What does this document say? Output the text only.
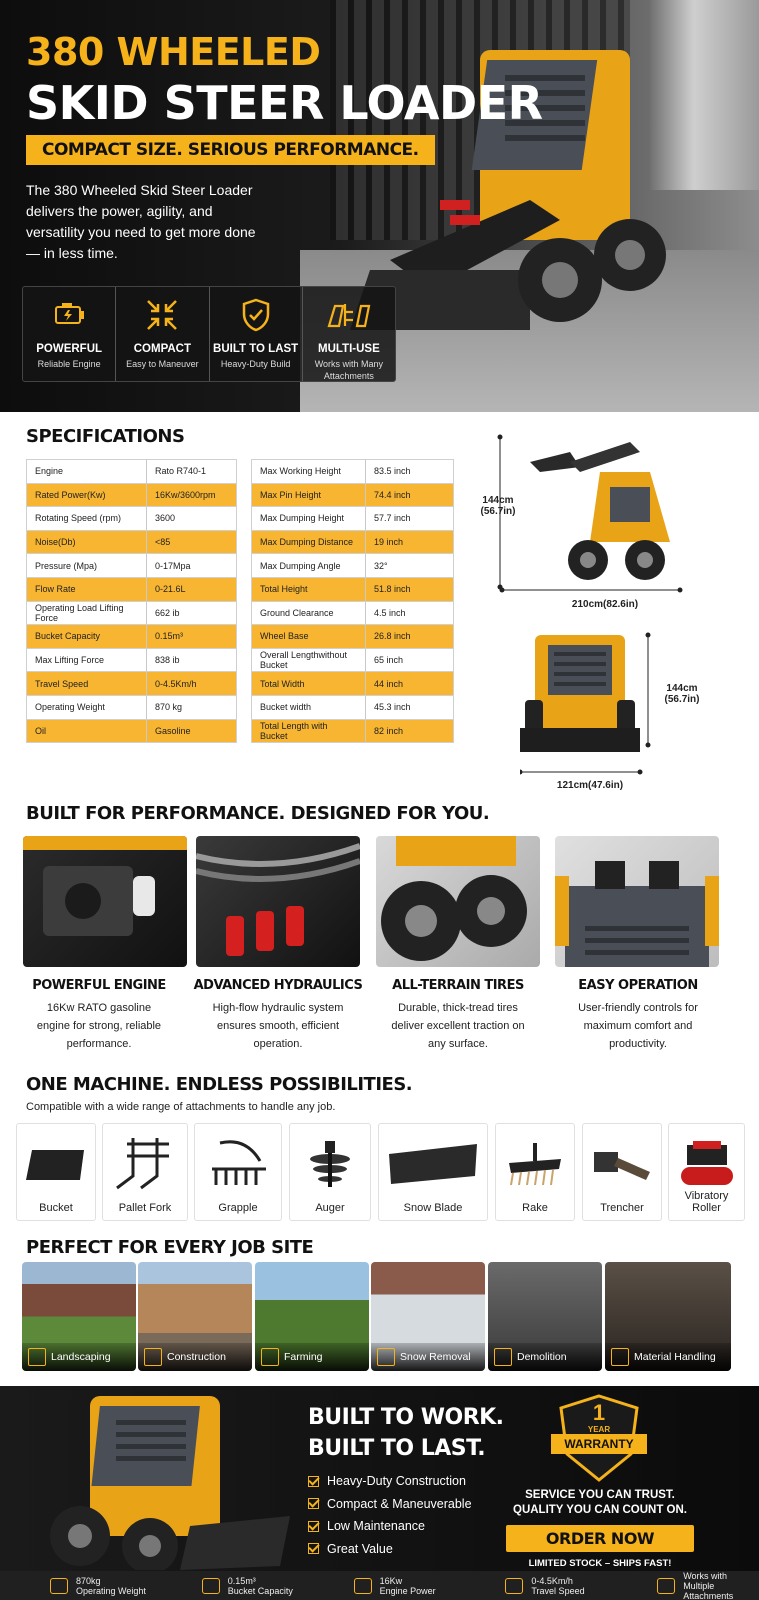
380 WHEELED
SKID STEER LOADER
COMPACT SIZE. SERIOUS PERFORMANCE.
The 380 Wheeled Skid Steer Loader delivers the power, agility, and versatility you need to get more done — in less time.
POWERFUL
Reliable Engine
COMPACT
Easy to Maneuver
BUILT TO LAST
Heavy-Duty Build
MULTI-USE
Works with Many Attachments
SPECIFICATIONS
Engine	Rato R740-1
Rated Power(Kw)	16Kw/3600rpm
Rotating Speed (rpm)	3600
Noise(Db)	<85
Pressure (Mpa)	0-17Mpa
Flow Rate	0-21.6L
Operating Load Lifting Force	662 ib
Bucket Capacity	0.15m³
Max Lifting Force	838 ib
Travel Speed	0-4.5Km/h
Operating Weight	870 kg
Oil	Gasoline
Max Working Height	83.5 inch
Max Pin Height	74.4 inch
Max Dumping Height	57.7 inch
Max Dumping Distance	19 inch
Max Dumping Angle	32°
Total Height	51.8 inch
Ground Clearance	4.5 inch
Wheel Base	26.8 inch
Overall Lengthwithout Bucket	65 inch
Total Width	44 inch
Bucket width	45.3 inch
Total Length with Bucket	82 inch
144cm
(56.7in)
210cm(82.6in)
144cm
(56.7in)
121cm(47.6in)
BUILT FOR PERFORMANCE. DESIGNED FOR YOU.
POWERFUL ENGINE
16Kw RATO gasoline engine for strong, reliable performance.
ADVANCED HYDRAULICS
High-flow hydraulic system ensures smooth, efficient operation.
ALL-TERRAIN TIRES
Durable, thick-tread tires deliver excellent traction on any surface.
EASY OPERATION
User-friendly controls for maximum comfort and productivity.
ONE MACHINE. ENDLESS POSSIBILITIES.
Compatible with a wide range of attachments to handle any job.
Bucket	Pallet Fork	Grapple	Auger	Snow Blade	Rake	Trencher
Vibratory Roller
PERFECT FOR EVERY JOB SITE
Landscaping	Construction	Farming	Snow Removal	Demolition	Material Handling
BUILT TO WORK.
BUILT TO LAST.
Heavy-Duty Construction
Compact & Maneuverable
Low Maintenance
Great Value
1
YEAR
WARRANTY
SERVICE YOU CAN TRUST.
QUALITY YOU CAN COUNT ON.
ORDER NOW
LIMITED STOCK – SHIPS FAST!
870kg
Operating Weight
0.15m³
Bucket Capacity
16Kw
Engine Power
0-4.5Km/h
Travel Speed
Works with
Multiple Attachments
